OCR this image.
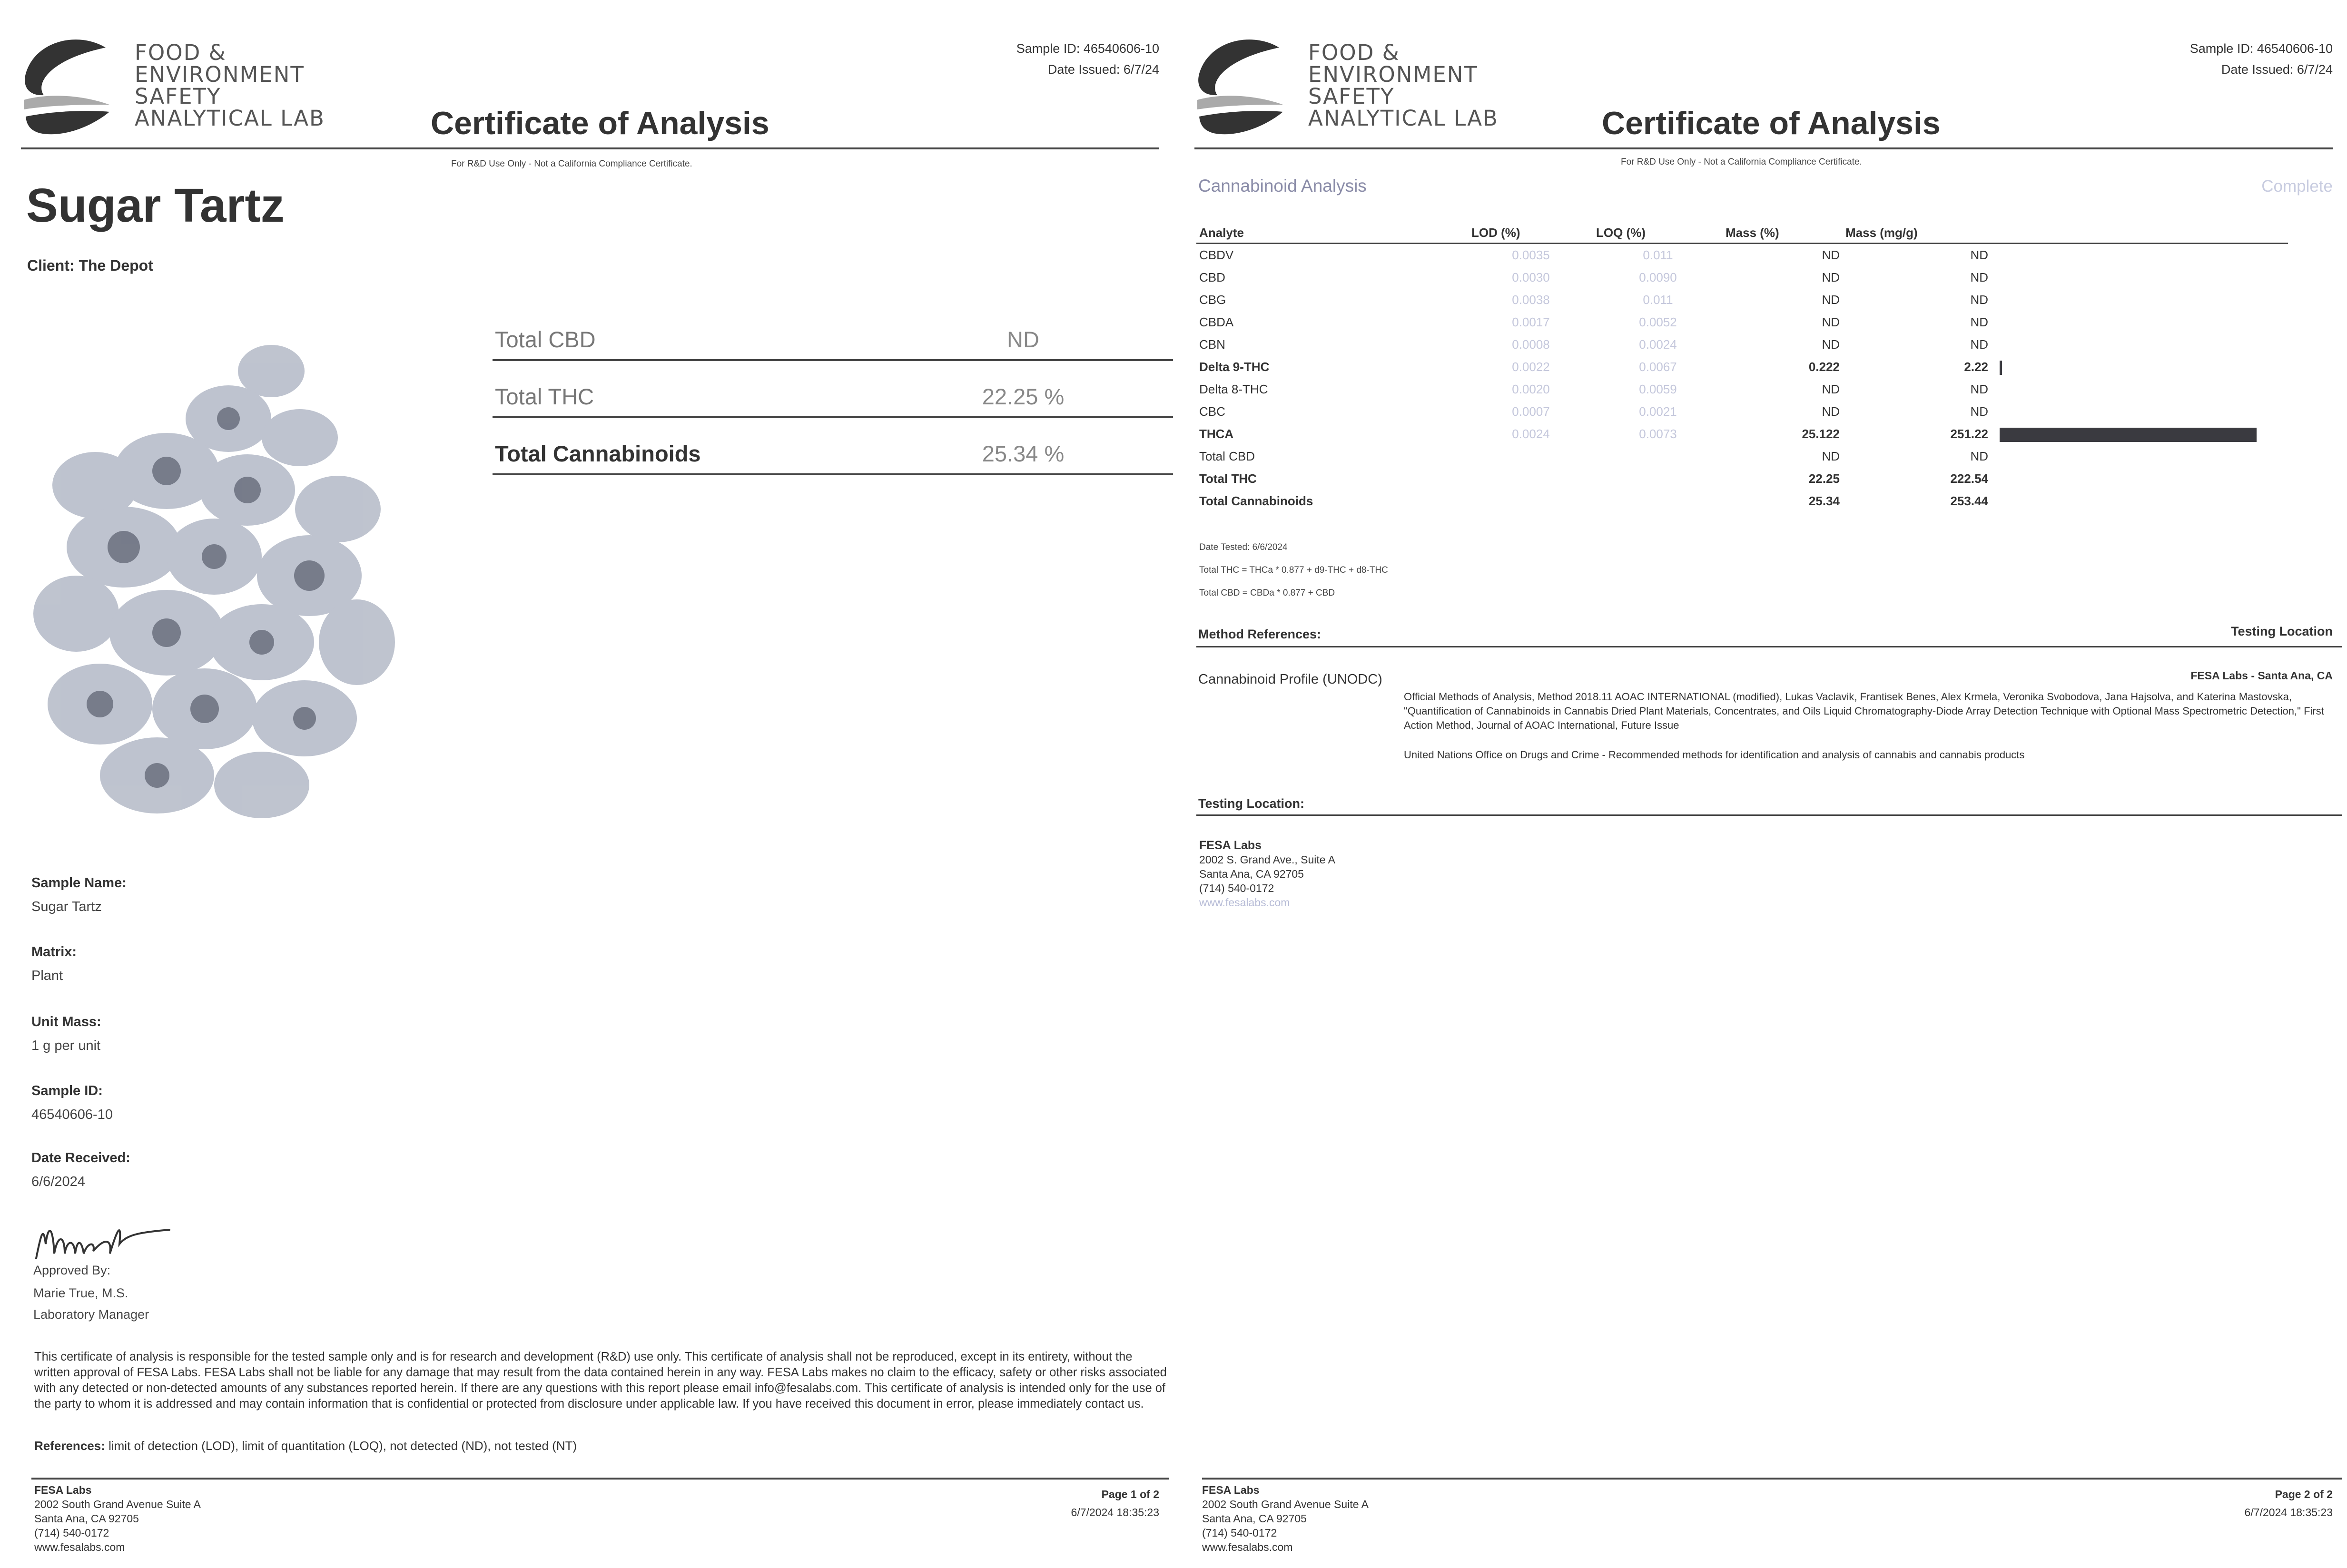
FOOD &
ENVIRONMENT
SAFETY
ANALYTICAL LAB
Sample ID: 46540606-10
Date Issued: 6/7/24
Certificate of Analysis
For R&D Use Only - Not a California Compliance Certificate.
Sugar Tartz
Client: The Depot
Total CBD	ND
Total THC	22.25 %
Total Cannabinoids	25.34 %
Sample Name:
Sugar Tartz
Matrix:
Plant
Unit Mass:
1 g per unit
Sample ID:
46540606-10
Date Received:
6/6/2024
Approved By:
Marie True, M.S.
Laboratory Manager
This certificate of analysis is responsible for the tested sample only and is for research and development (R&D) use only. This certificate of analysis shall not be reproduced, except in its entirety, without the written approval of FESA Labs. FESA Labs shall not be liable for any damage that may result from the data contained herein in any way. FESA Labs makes no claim to the efficacy, safety or other risks associated with any detected or non-detected amounts of any substances reported herein. If there are any questions with this report please email info@fesalabs.com. This certificate of analysis is intended only for the use of the party to whom it is addressed and may contain information that is confidential or protected from disclosure under applicable law. If you have received this document in error, please immediately contact us.
References: limit of detection (LOD), limit of quantitation (LOQ), not detected (ND), not tested (NT)
FESA Labs
2002 South Grand Avenue Suite A
Santa Ana, CA 92705
(714) 540-0172
www.fesalabs.com
Page 1 of 2
6/7/2024 18:35:23
FOOD &
ENVIRONMENT
SAFETY
ANALYTICAL LAB
Sample ID: 46540606-10
Date Issued: 6/7/24
Certificate of Analysis
For R&D Use Only - Not a California Compliance Certificate.
Cannabinoid Analysis	Complete
Analyte	LOD (%)	LOQ (%)	Mass (%)	Mass (mg/g)	
CBDV	0.0035	0.011	ND	ND	
CBD	0.0030	0.0090	ND	ND	
CBG	0.0038	0.011	ND	ND	
CBDA	0.0017	0.0052	ND	ND	
CBN	0.0008	0.0024	ND	ND	
Delta 9-THC	0.0022	0.0067	0.222	2.22	
Delta 8-THC	0.0020	0.0059	ND	ND	
CBC	0.0007	0.0021	ND	ND	
THCA	0.0024	0.0073	25.122	251.22	
Total CBD			ND	ND	
Total THC			22.25	222.54	
Total Cannabinoids			25.34	253.44	
Date Tested: 6/6/2024
Total THC = THCa * 0.877 + d9-THC + d8-THC
Total CBD = CBDa * 0.877 + CBD
Method References:	Testing Location
Cannabinoid Profile (UNODC)	FESA Labs - Santa Ana, CA

Official Methods of Analysis, Method 2018.11 AOAC INTERNATIONAL (modified), Lukas Vaclavik, Frantisek Benes, Alex Krmela, Veronika Svobodova, Jana Hajsolva, and Katerina Mastovska, "Quantification of Cannabinoids in Cannabis Dried Plant Materials, Concentrates, and Oils Liquid Chromatography-Diode Array Detection Technique with Optional Mass Spectrometric Detection," First Action Method, Journal of AOAC International, Future Issue

United Nations Office on Drugs and Crime - Recommended methods for identification and analysis of cannabis and cannabis products

Testing Location:
FESA Labs
2002 S. Grand Ave., Suite A
Santa Ana, CA 92705
(714) 540-0172
www.fesalabs.com
FESA Labs
2002 South Grand Avenue Suite A
Santa Ana, CA 92705
(714) 540-0172
www.fesalabs.com
Page 2 of 2
6/7/2024 18:35:23
